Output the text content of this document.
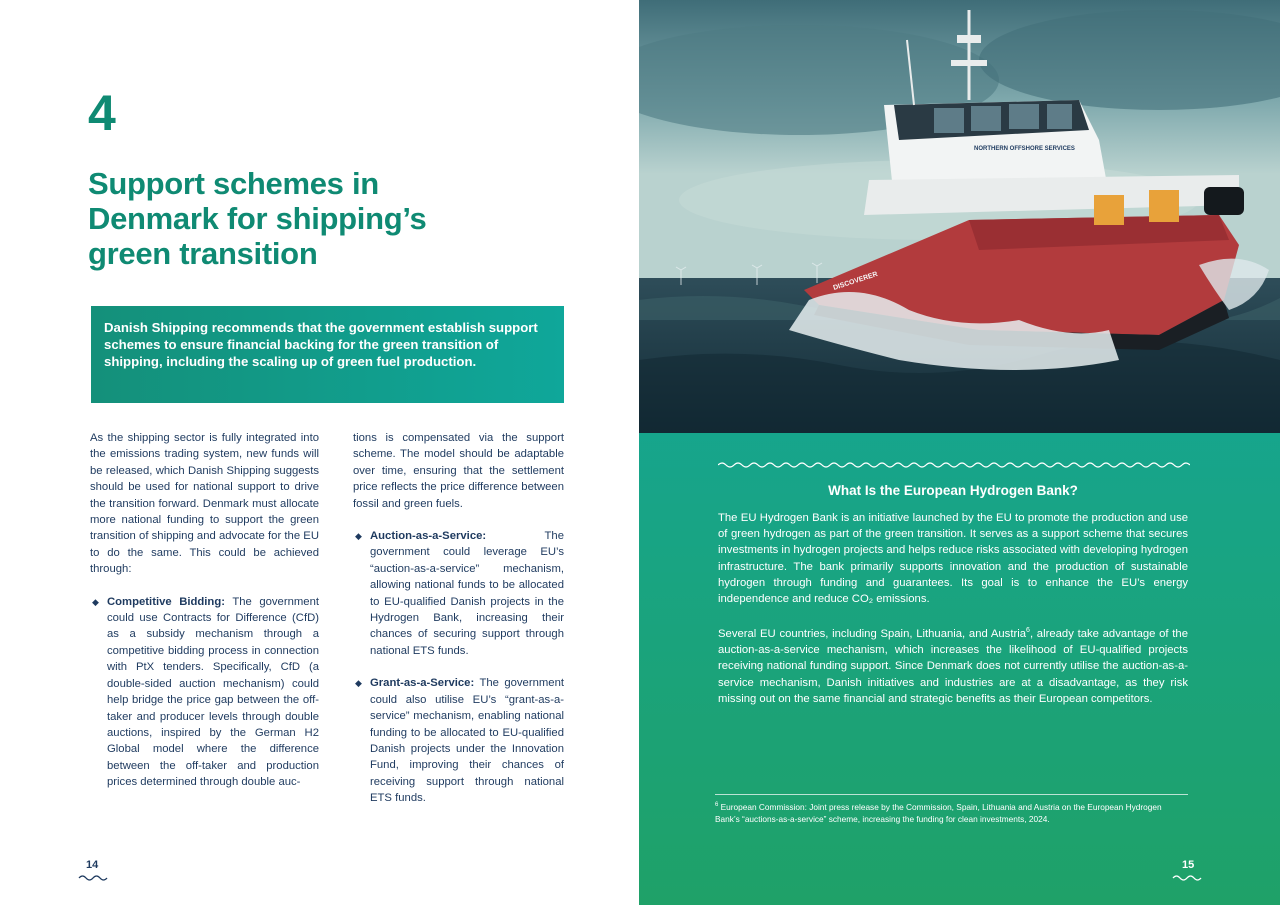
4
Support schemes in Denmark for shipping’s green transition
Danish Shipping recommends that the government establish support schemes to ensure financial backing for the green transition of shipping, including the scaling up of green fuel production.

As the shipping sector is fully integrated into the emissions trading system, new funds will be released, which Danish Shipping suggests should be used for national support to drive the transition forward. Denmark must allocate more national funding to support the green transition of shipping and advocate for the EU to do the same. This could be achieved through:

◆ Competitive Bidding: The government could use Contracts for Difference (CfD) as a subsidy mechanism through a competitive bidding process in connection with PtX tenders. Specifically, CfD (a double-sided auction mechanism) could help bridge the price gap between the off-taker and producer levels through double auctions, inspired by the German H2 Global model where the difference between the off-taker and production prices determined through double auc-

tions is compensated via the support scheme. The model should be adaptable over time, ensuring that the settlement price reflects the price difference between fossil and green fuels.

◆ Auction-as-a-Service: The government could leverage EU’s “auction-as-a-service” mechanism, allowing national funds to be allocated to EU-qualified Danish projects in the Hydrogen Bank, increasing their chances of securing support through national ETS funds.
◆ Grant-as-a-Service: The government could also utilise EU’s “grant-as-a-service” mechanism, enabling national funding to be allocated to EU-qualified Danish projects under the Innovation Fund, improving their chances of receiving support through national ETS funds.
14
NORTHERN OFFSHORE SERVICES
DISCOVERER
What Is the European Hydrogen Bank?

The EU Hydrogen Bank is an initiative launched by the EU to promote the production and use of green hydrogen as part of the green transition. It serves as a support scheme that secures investments in hydrogen projects and helps reduce risks associated with developing hydrogen infrastructure. The bank primarily supports innovation and the production of sustainable hydrogen through funding and guarantees. Its goal is to enhance the EU’s energy independence and reduce CO₂ emissions.

Several EU countries, including Spain, Lithuania, and Austria$^6$, already take advantage of the auction-as-a-service mechanism, which increases the likelihood of EU-qualified projects receiving national funding support. Since Denmark does not currently utilise the auction-as-a-service mechanism, Danish initiatives and industries are at a disadvantage, as they risk missing out on the same financial and strategic benefits as their European competitors.

$^6$ European Commission: Joint press release by the Commission, Spain, Lithuania and Austria on the European Hydrogen Bank’s “auctions-as-a-service” scheme, increasing the funding for clean investments, 2024.
15
